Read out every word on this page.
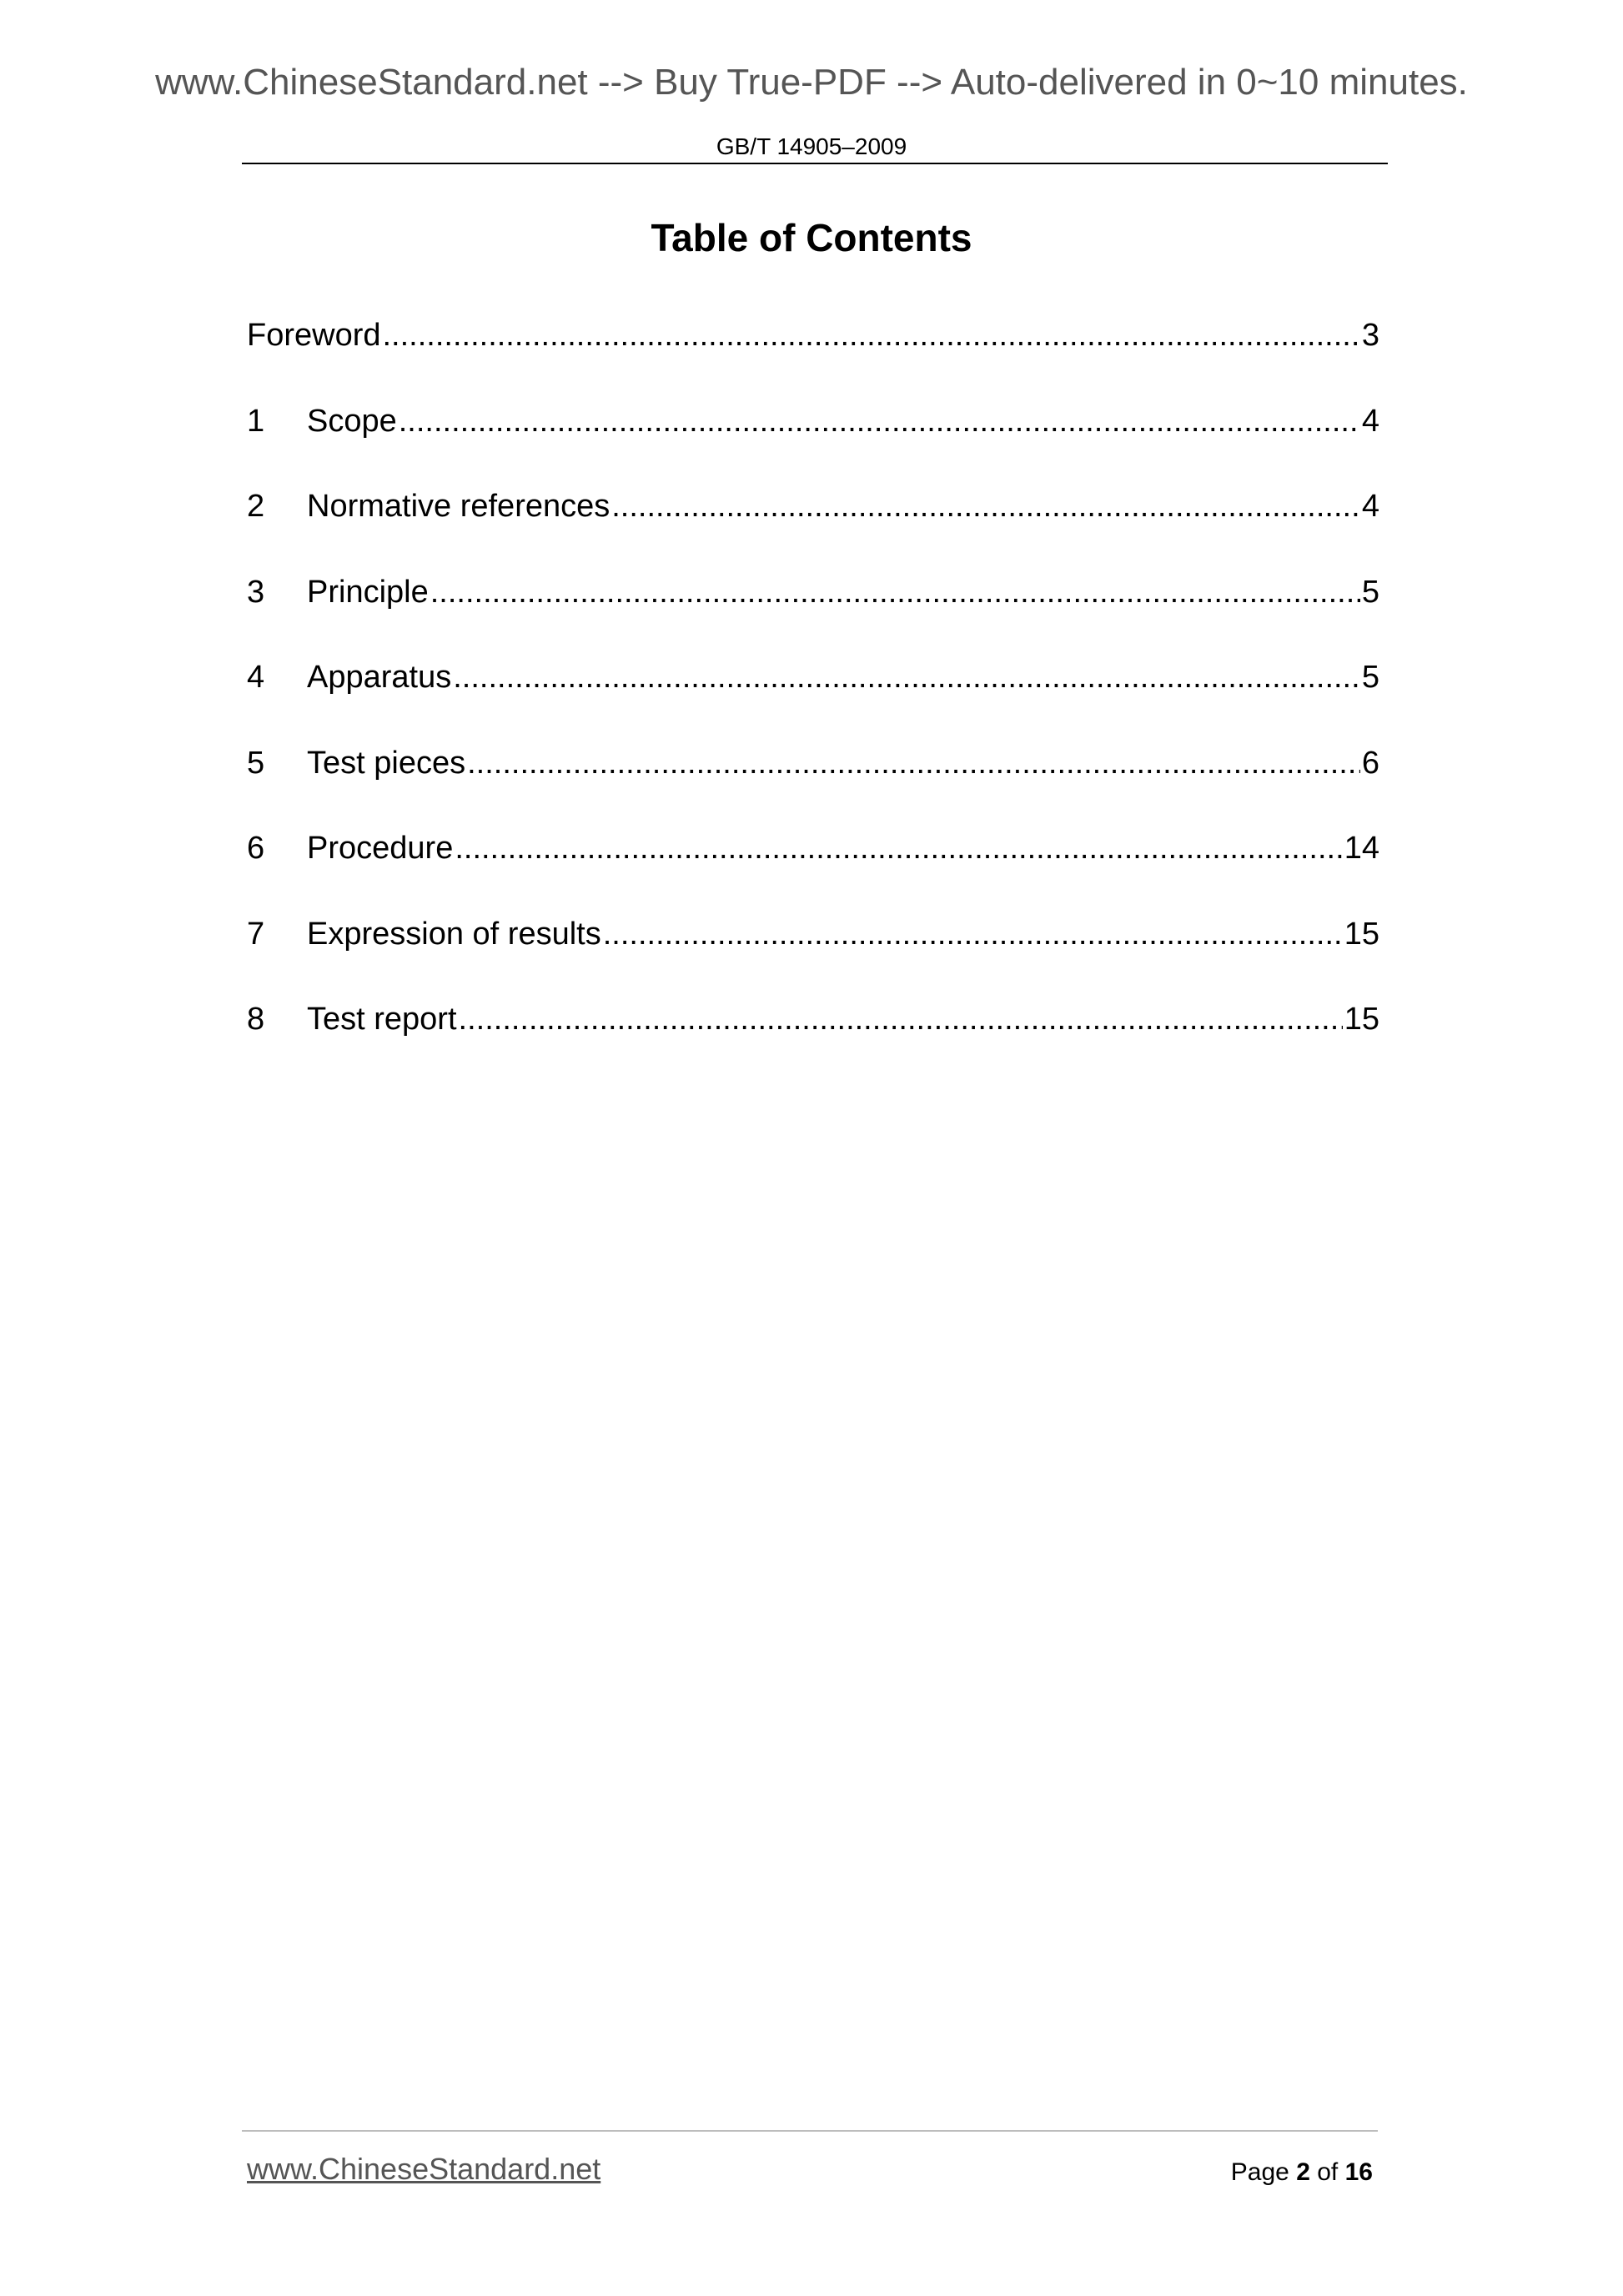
www.ChineseStandard.net --> Buy True-PDF --> Auto-delivered in 0~10 minutes.
GB/T 14905–2009
Table of Contents
Foreword .....	3
1	Scope .....	4
2	Normative references .....	4
3	Principle .....	5
4	Apparatus .....	5
5	Test pieces .....	6
6	Procedure .....	14
7	Expression of results .....	15
8	Test report .....	15
www.ChineseStandard.net	Page 2 of 16
